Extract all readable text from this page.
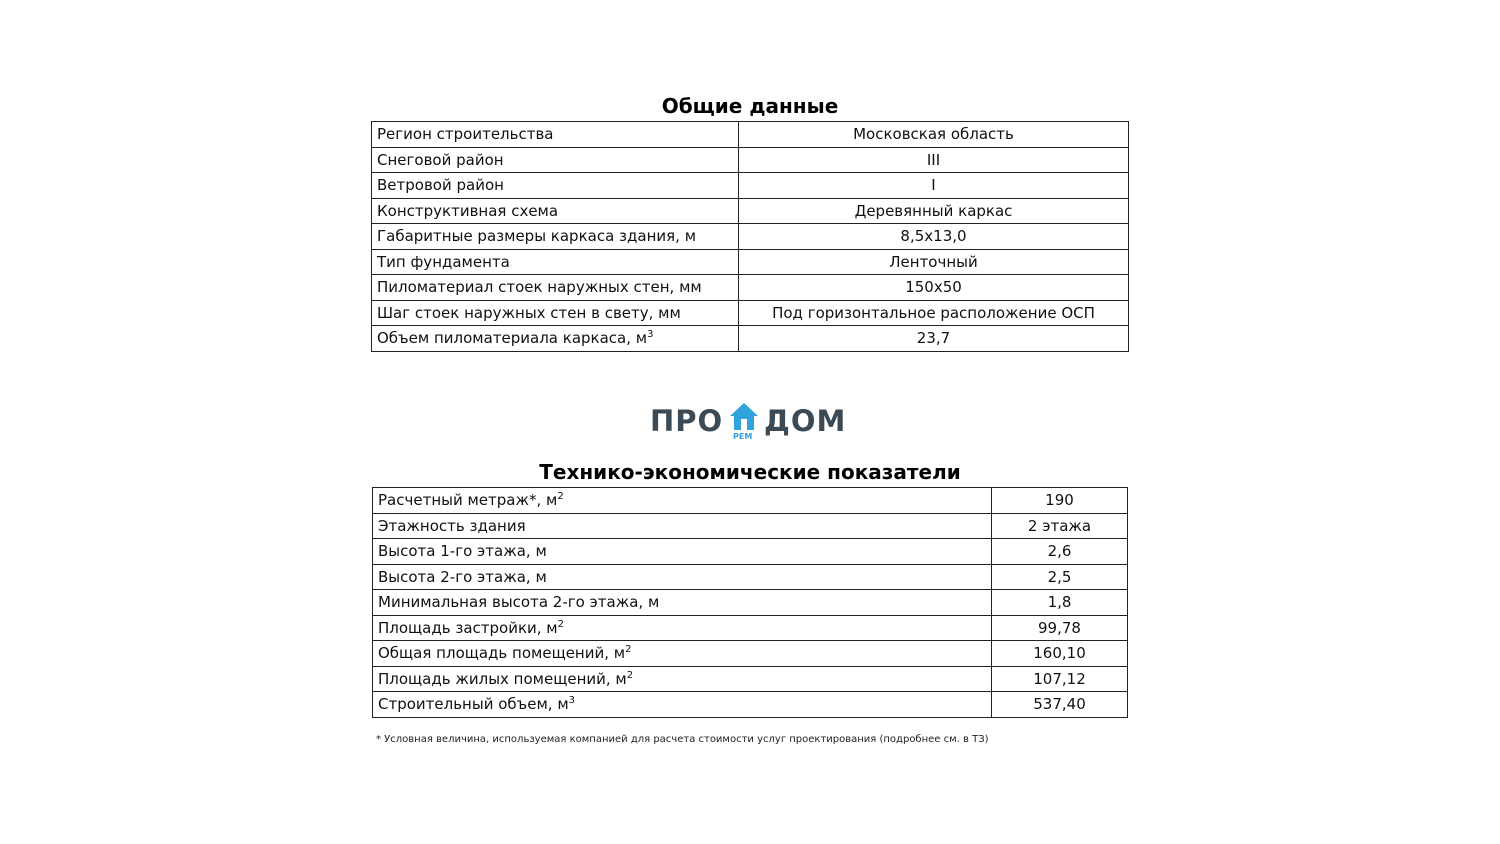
Общие данные
Регион строительства	Московская область
Снеговой район	III
Ветровой район	I
Конструктивная схема	Деревянный каркас
Габаритные размеры каркаса здания, м	8,5x13,0
Тип фундамента	Ленточный
Пиломатериал стоек наружных стен, мм	150x50
Шаг стоек наружных стен в свету, мм	Под горизонтальное расположение ОСП
Объем пиломатериала каркаса, $м^3$	23,7
ПРО РЕМ ДОМ
Технико-экономические показатели
Расчетный метраж*, $м^2$	190
Этажность здания	2 этажа
Высота 1-го этажа, м	2,6
Высота 2-го этажа, м	2,5
Минимальная высота 2-го этажа, м	1,8
Площадь застройки, $м^2$	99,78
Общая площадь помещений, $м^2$	160,10
Площадь жилых помещений, $м^2$	107,12
Строительный объем, $м^3$	537,40
* Условная величина, используемая компанией для расчета стоимости услуг проектирования (подробнее см. в ТЗ)
